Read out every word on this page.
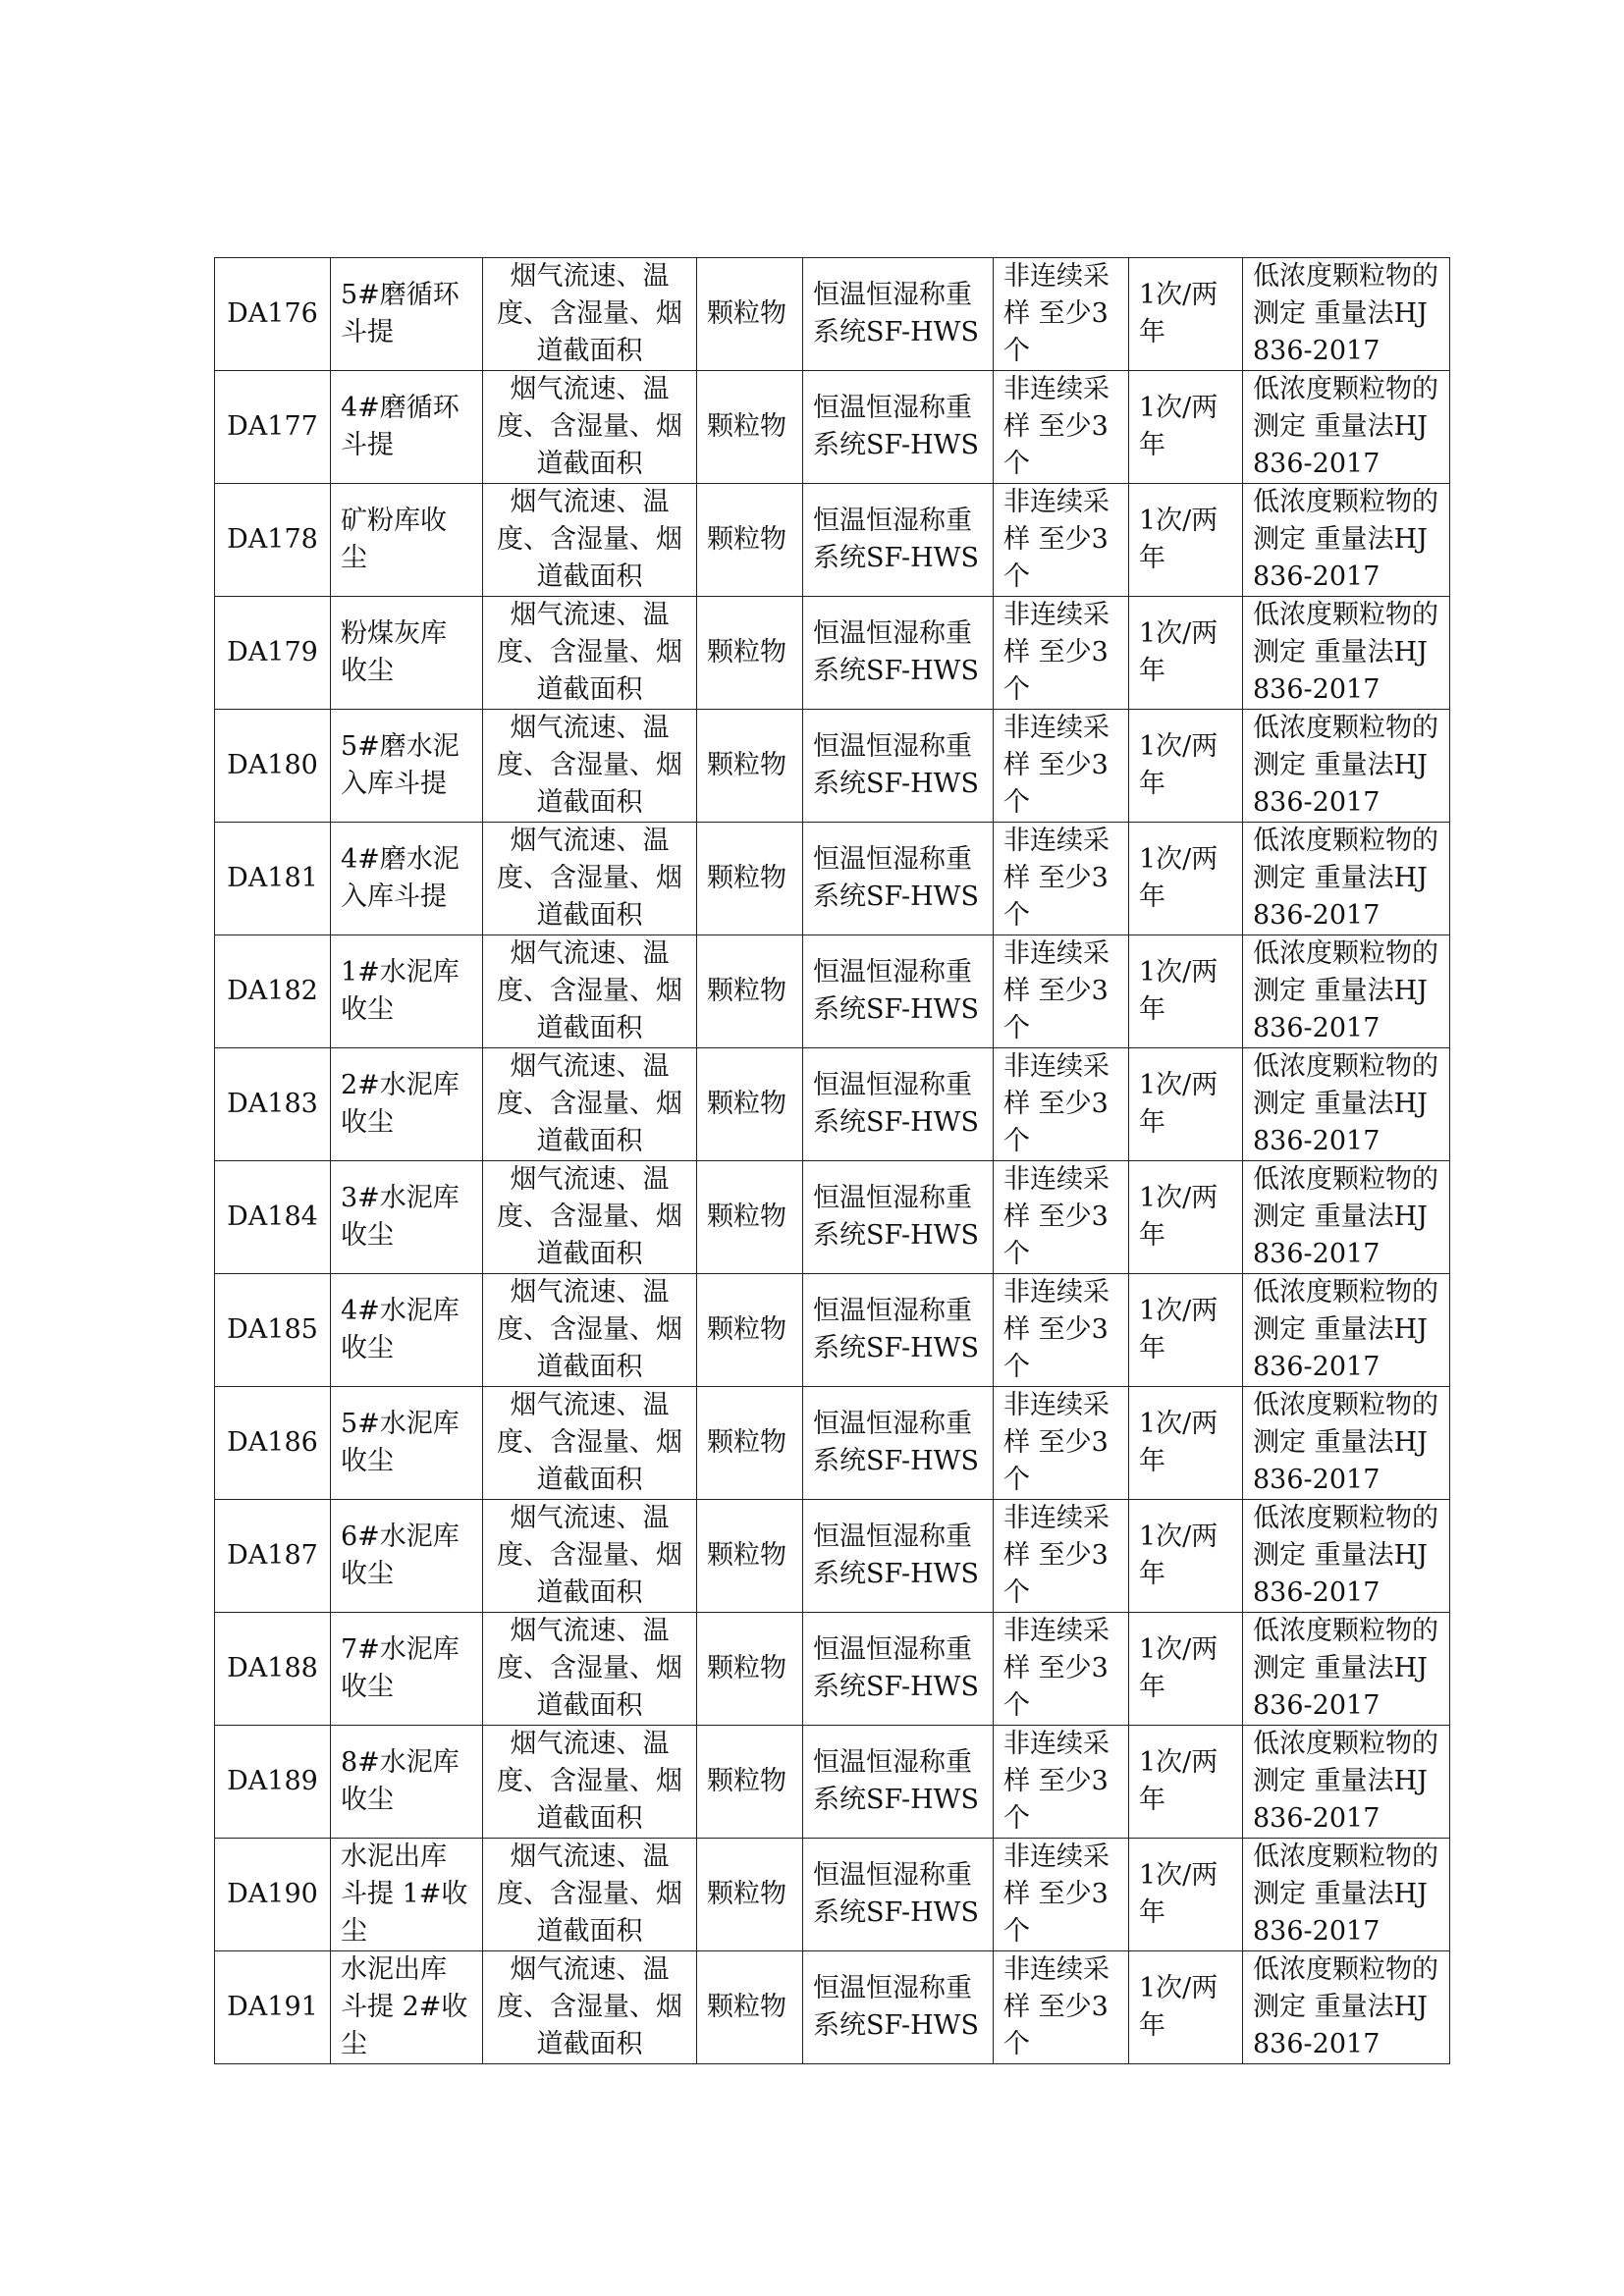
DA176	5#磨循环斗提	烟气流速、温度、含湿量、烟道截面积	颗粒物	恒温恒湿称重系统SF-HWS	非连续采样 至少3个	1次/两年	低浓度颗粒物的测定 重量法HJ836-2017
DA177	4#磨循环斗提	烟气流速、温度、含湿量、烟道截面积	颗粒物	恒温恒湿称重系统SF-HWS	非连续采样 至少3个	1次/两年	低浓度颗粒物的测定 重量法HJ836-2017
DA178	矿粉库收尘	烟气流速、温度、含湿量、烟道截面积	颗粒物	恒温恒湿称重系统SF-HWS	非连续采样 至少3个	1次/两年	低浓度颗粒物的测定 重量法HJ836-2017
DA179	粉煤灰库收尘	烟气流速、温度、含湿量、烟道截面积	颗粒物	恒温恒湿称重系统SF-HWS	非连续采样 至少3个	1次/两年	低浓度颗粒物的测定 重量法HJ836-2017
DA180	5#磨水泥入库斗提	烟气流速、温度、含湿量、烟道截面积	颗粒物	恒温恒湿称重系统SF-HWS	非连续采样 至少3个	1次/两年	低浓度颗粒物的测定 重量法HJ836-2017
DA181	4#磨水泥入库斗提	烟气流速、温度、含湿量、烟道截面积	颗粒物	恒温恒湿称重系统SF-HWS	非连续采样 至少3个	1次/两年	低浓度颗粒物的测定 重量法HJ836-2017
DA182	1#水泥库收尘	烟气流速、温度、含湿量、烟道截面积	颗粒物	恒温恒湿称重系统SF-HWS	非连续采样 至少3个	1次/两年	低浓度颗粒物的测定 重量法HJ836-2017
DA183	2#水泥库收尘	烟气流速、温度、含湿量、烟道截面积	颗粒物	恒温恒湿称重系统SF-HWS	非连续采样 至少3个	1次/两年	低浓度颗粒物的测定 重量法HJ836-2017
DA184	3#水泥库收尘	烟气流速、温度、含湿量、烟道截面积	颗粒物	恒温恒湿称重系统SF-HWS	非连续采样 至少3个	1次/两年	低浓度颗粒物的测定 重量法HJ836-2017
DA185	4#水泥库收尘	烟气流速、温度、含湿量、烟道截面积	颗粒物	恒温恒湿称重系统SF-HWS	非连续采样 至少3个	1次/两年	低浓度颗粒物的测定 重量法HJ836-2017
DA186	5#水泥库收尘	烟气流速、温度、含湿量、烟道截面积	颗粒物	恒温恒湿称重系统SF-HWS	非连续采样 至少3个	1次/两年	低浓度颗粒物的测定 重量法HJ836-2017
DA187	6#水泥库收尘	烟气流速、温度、含湿量、烟道截面积	颗粒物	恒温恒湿称重系统SF-HWS	非连续采样 至少3个	1次/两年	低浓度颗粒物的测定 重量法HJ836-2017
DA188	7#水泥库收尘	烟气流速、温度、含湿量、烟道截面积	颗粒物	恒温恒湿称重系统SF-HWS	非连续采样 至少3个	1次/两年	低浓度颗粒物的测定 重量法HJ836-2017
DA189	8#水泥库收尘	烟气流速、温度、含湿量、烟道截面积	颗粒物	恒温恒湿称重系统SF-HWS	非连续采样 至少3个	1次/两年	低浓度颗粒物的测定 重量法HJ836-2017
DA190	水泥出库斗提 1#收尘	烟气流速、温度、含湿量、烟道截面积	颗粒物	恒温恒湿称重系统SF-HWS	非连续采样 至少3个	1次/两年	低浓度颗粒物的测定 重量法HJ836-2017
DA191	水泥出库斗提 2#收尘	烟气流速、温度、含湿量、烟道截面积	颗粒物	恒温恒湿称重系统SF-HWS	非连续采样 至少3个	1次/两年	低浓度颗粒物的测定 重量法HJ836-2017
